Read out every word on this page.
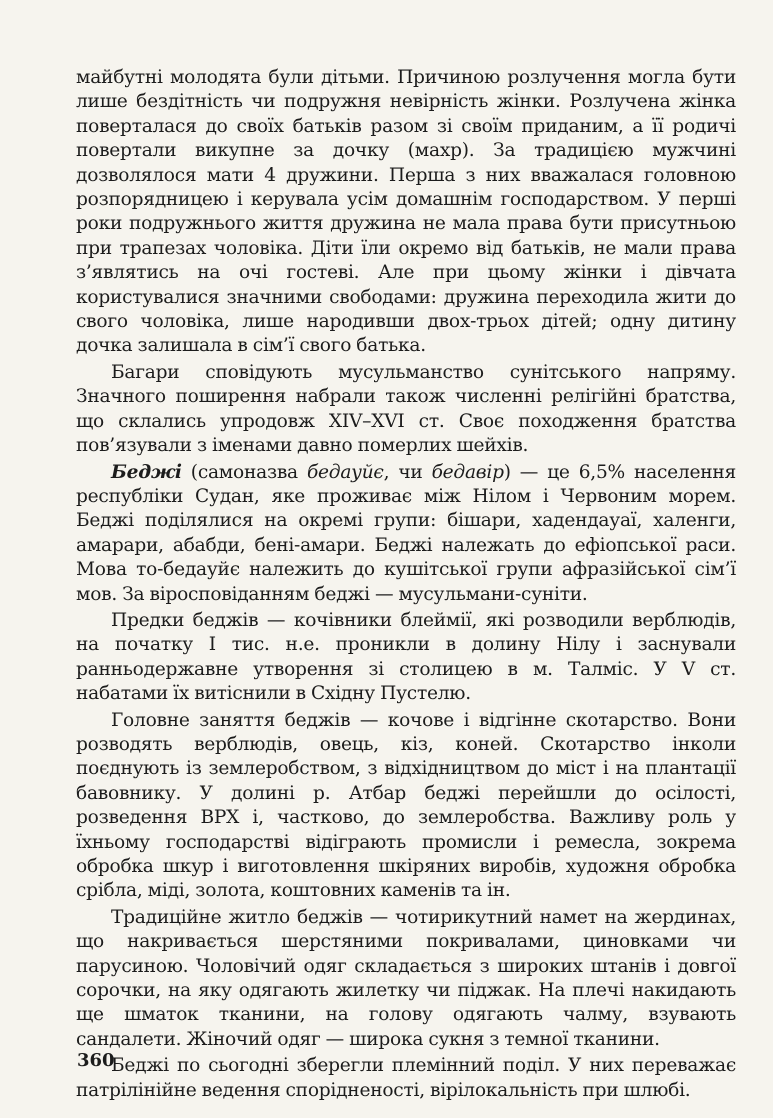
майбутні молодята були дітьми. Причиною розлучення могла бути лише бездітність чи подружня невірність жінки. Розлучена жінка поверталася до своїх батьків разом зі своїм приданим, а її родичі повертали викупне за дочку (махр). За традицією мужчині дозволялося мати 4 дружини. Перша з них вважалася головною розпорядницею і керувала усім домашнім господарством. У перші роки подружнього життя дружина не мала права бути присутньою при трапезах чоловіка. Діти їли окремо від батьків, не мали права з’являтись на очі гостеві. Але при цьому жінки і дівчата користувалися значними свободами: дружина переходила жити до свого чоловіка, лише народивши двох-трьох дітей; одну дитину дочка залишала в сім’ї свого батька.

Багари сповідують мусульманство сунітського напряму. Значного поширення набрали також численні релігійні братства, що склались упродовж XIV–XVI ст. Своє походження братства пов’язували з іменами давно померлих шейхів.

Беджі (самоназва бедауйє, чи бедавір) — це 6,5% населення республіки Судан, яке проживає між Нілом і Червоним морем. Беджі поділялися на окремі групи: бішари, хадендауаї, халенги, амарари, абабди, бені-амари. Беджі належать до ефіопської раси. Мова то-бедауйє належить до кушітської групи афразійської сім’ї мов. За віросповіданням беджі — мусульмани-суніти.

Предки беджів — кочівники блеймії, які розводили верблюдів, на початку I тис. н.е. проникли в долину Нілу і заснували ранньодержавне утворення зі столицею в м. Талміс. У V ст. набатами їх витіснили в Східну Пустелю.

Головне заняття беджів — кочове і відгінне скотарство. Вони розводять верблюдів, овець, кіз, коней. Скотарство інколи поєднують із землеробством, з відхідництвом до міст і на плантації бавовнику. У долині р. Атбар беджі перейшли до осілості, розведення ВРХ і, частково, до землеробства. Важливу роль у їхньому господарстві відіграють промисли і ремесла, зокрема обробка шкур і виготовлення шкіряних виробів, художня обробка срібла, міді, золота, коштовних каменів та ін.

Традиційне житло беджів — чотирикутний намет на жердинах, що накривається шерстяними покривалами, циновками чи парусиною. Чоловічий одяг складається з широких штанів і довгої сорочки, на яку одягають жилетку чи піджак. На плечі накидають ще шматок тканини, на голову одягають чалму, взувають сандалети. Жіночий одяг — широка сукня з темної тканини.

Беджі по сьогодні зберегли племінний поділ. У них переважає патрілінійне ведення спорідненості, вірілокальність при шлюбі.

360
